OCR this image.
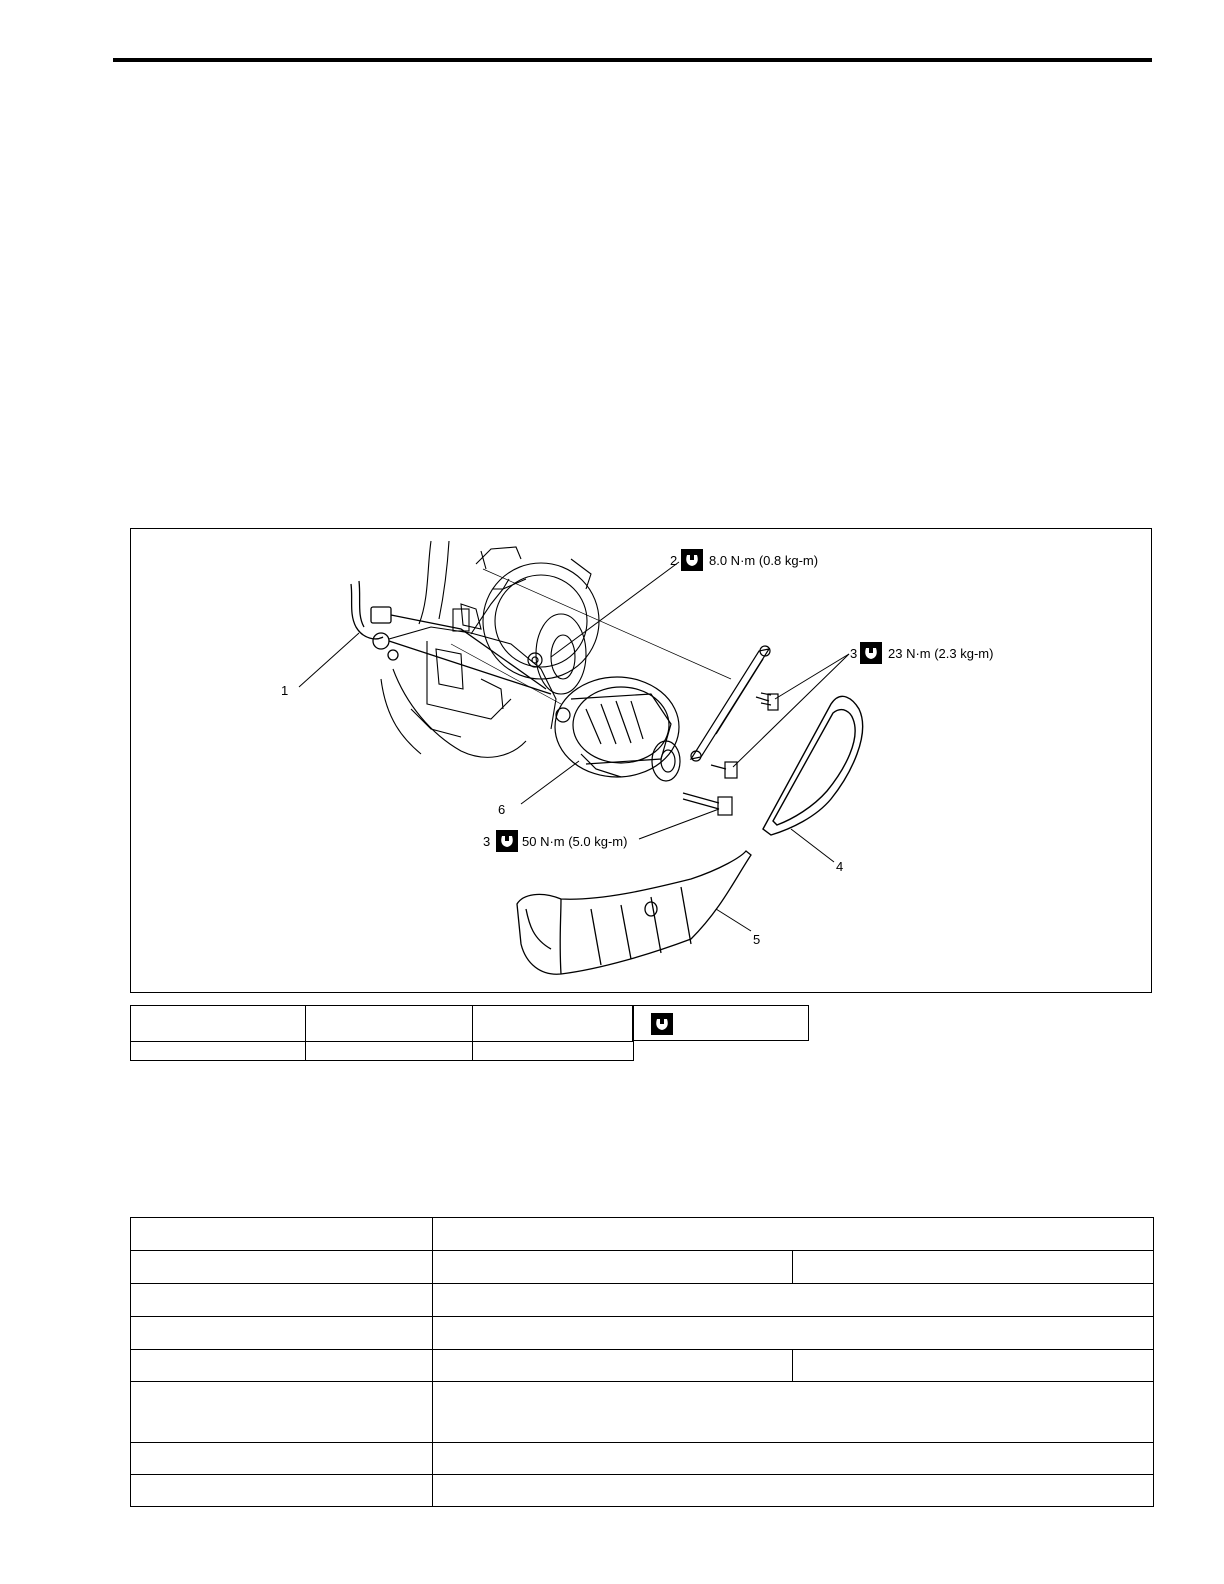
1
2 8.0 N·m (0.8 kg-m)
3 23 N·m (2.3 kg-m)
6
3 50 N·m (5.0 kg-m)
4
5
